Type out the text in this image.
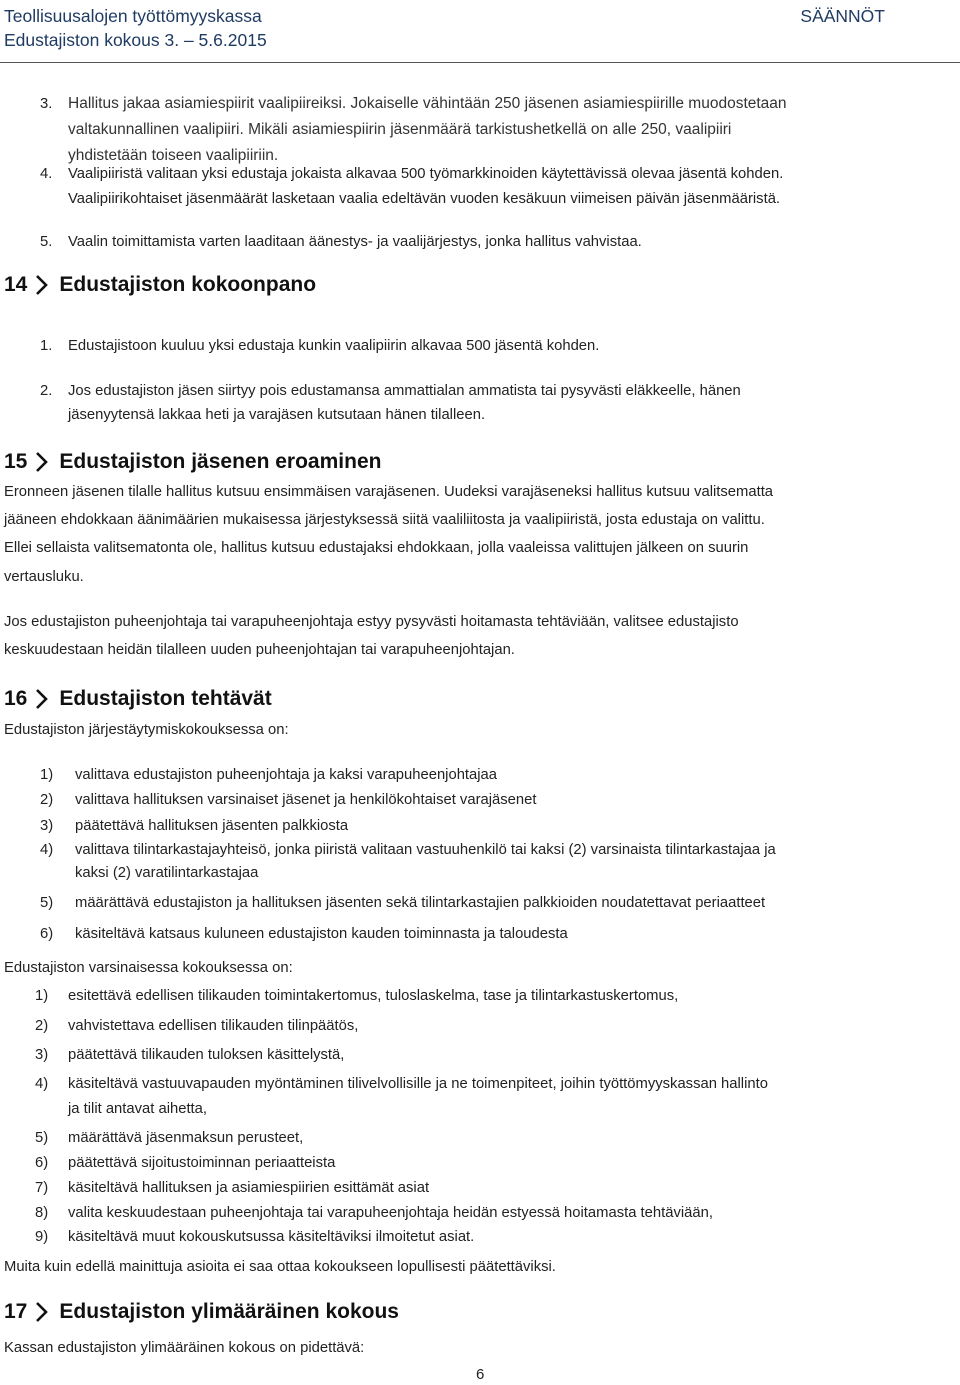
Teollisuusalojen työttömyyskassa
Edustajiston kokous 3. – 5.6.2015
SÄÄNNÖT
3. Hallitus jakaa asiamiespiirit vaalipiireiksi. Jokaiselle vähintään 250 jäsenen asiamiespiirille muodostetaan
valtakunnallinen vaalipiiri. Mikäli asiamiespiirin jäsenmäärä tarkistushetkellä on alle 250, vaalipiiri
yhdistetään toiseen vaalipiiriin.
4. Vaalipiiristä valitaan yksi edustaja jokaista alkavaa 500 työmarkkinoiden käytettävissä olevaa jäsentä kohden.
Vaalipiirikohtaiset jäsenmäärät lasketaan vaalia edeltävän vuoden kesäkuun viimeisen päivän jäsenmääristä.
5. Vaalin toimittamista varten laaditaan äänestys- ja vaalijärjestys, jonka hallitus vahvistaa.
14 Edustajiston kokoonpano
1. Edustajistoon kuuluu yksi edustaja kunkin vaalipiirin alkavaa 500 jäsentä kohden.
2. Jos edustajiston jäsen siirtyy pois edustamansa ammattialan ammatista tai pysyvästi eläkkeelle, hänen
jäsenyytensä lakkaa heti ja varajäsen kutsutaan hänen tilalleen.
15 Edustajiston jäsenen eroaminen
Eronneen jäsenen tilalle hallitus kutsuu ensimmäisen varajäsenen. Uudeksi varajäseneksi hallitus kutsuu valitsematta
jääneen ehdokkaan äänimäärien mukaisessa järjestyksessä siitä vaaliliitosta ja vaalipiiristä, josta edustaja on valittu.
Ellei sellaista valitsematonta ole, hallitus kutsuu edustajaksi ehdokkaan, jolla vaaleissa valittujen jälkeen on suurin
vertausluku.
Jos edustajiston puheenjohtaja tai varapuheenjohtaja estyy pysyvästi hoitamasta tehtäviään, valitsee edustajisto
keskuudestaan heidän tilalleen uuden puheenjohtajan tai varapuheenjohtajan.
16 Edustajiston tehtävät
Edustajiston järjestäytymiskokouksessa on:
1) valittava edustajiston puheenjohtaja ja kaksi varapuheenjohtajaa
2) valittava hallituksen varsinaiset jäsenet ja henkilökohtaiset varajäsenet
3) päätettävä hallituksen jäsenten palkkiosta
4) valittava tilintarkastajayhteisö, jonka piiristä valitaan vastuuhenkilö tai kaksi (2) varsinaista tilintarkastajaa ja
kaksi (2) varatilintarkastajaa
5) määrättävä edustajiston ja hallituksen jäsenten sekä tilintarkastajien palkkioiden noudatettavat periaatteet
6) käsiteltävä katsaus kuluneen edustajiston kauden toiminnasta ja taloudesta
Edustajiston varsinaisessa kokouksessa on:
1) esitettävä edellisen tilikauden toimintakertomus, tuloslaskelma, tase ja tilintarkastuskertomus,
2) vahvistettava edellisen tilikauden tilinpäätös,
3) päätettävä tilikauden tuloksen käsittelystä,
4) käsiteltävä vastuuvapauden myöntäminen tilivelvollisille ja ne toimenpiteet, joihin työttömyyskassan hallinto
ja tilit antavat aihetta,
5) määrättävä jäsenmaksun perusteet,
6) päätettävä sijoitustoiminnan periaatteista
7) käsiteltävä hallituksen ja asiamiespiirien esittämät asiat
8) valita keskuudestaan puheenjohtaja tai varapuheenjohtaja heidän estyessä hoitamasta tehtäviään,
9) käsiteltävä muut kokouskutsussa käsiteltäviksi ilmoitetut asiat.
Muita kuin edellä mainittuja asioita ei saa ottaa kokoukseen lopullisesti päätettäviksi.
17 Edustajiston ylimääräinen kokous
Kassan edustajiston ylimääräinen kokous on pidettävä:
6
